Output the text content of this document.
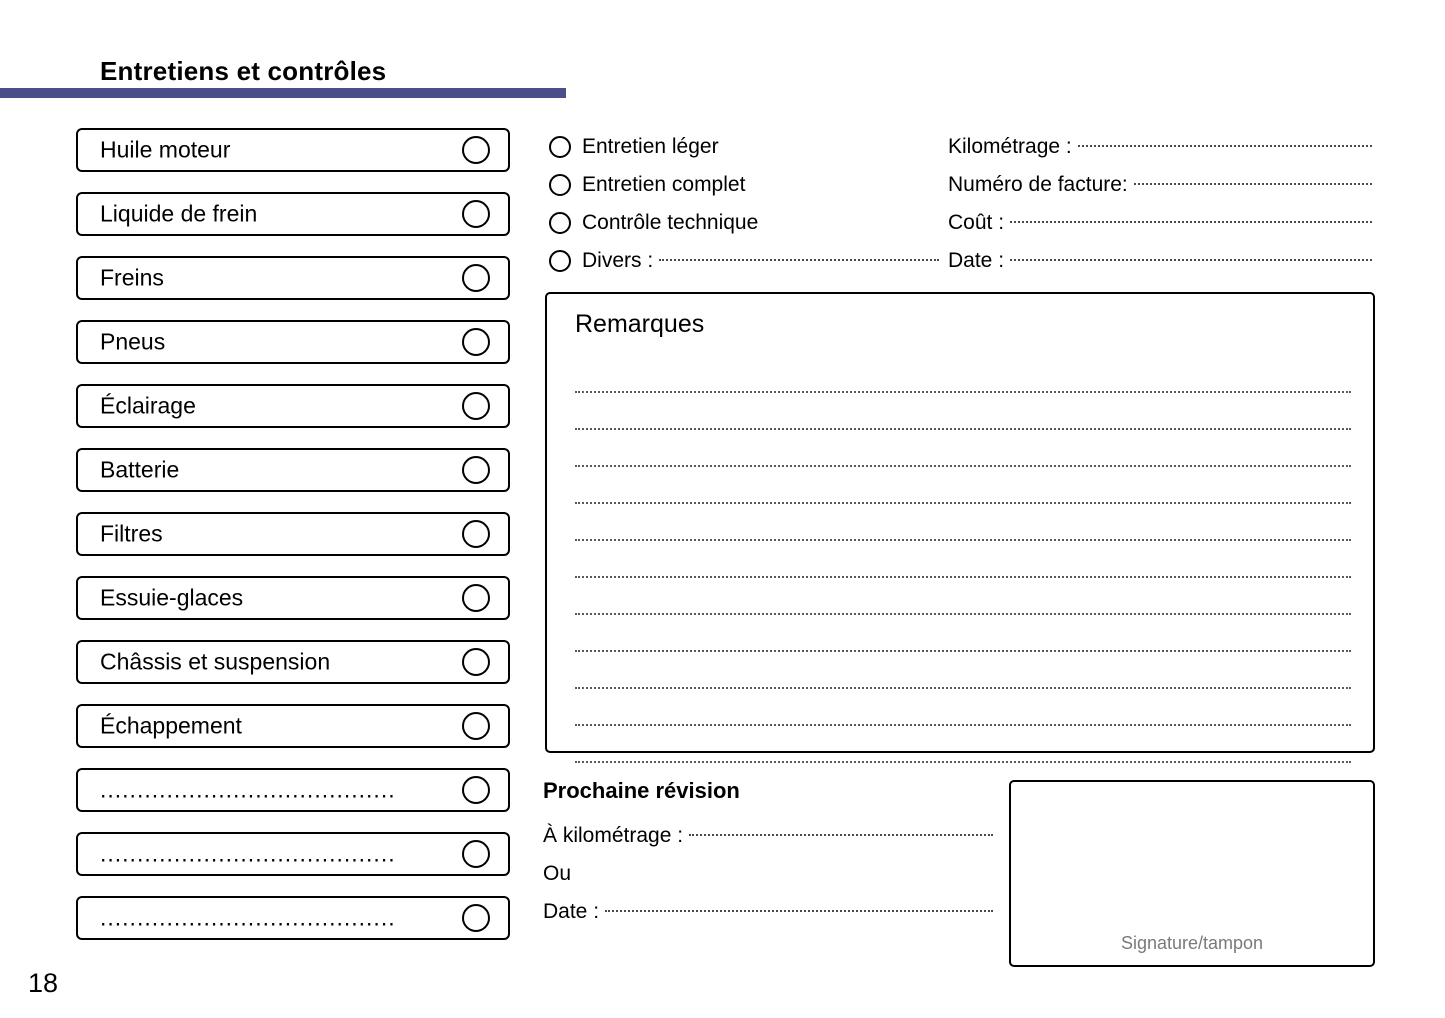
Entretiens et contrôles
Huile moteur
Liquide de frein
Freins
Pneus
Éclairage
Batterie
Filtres
Essuie-glaces
Châssis et suspension
Échappement
........................................
........................................
........................................
Entretien léger
Entretien complet
Contrôle technique
Divers :
Kilométrage :
Numéro de facture:
Coût :
Date :
Remarques
Prochaine révision
À kilométrage :
Ou
Date :
Signature/tampon
18
